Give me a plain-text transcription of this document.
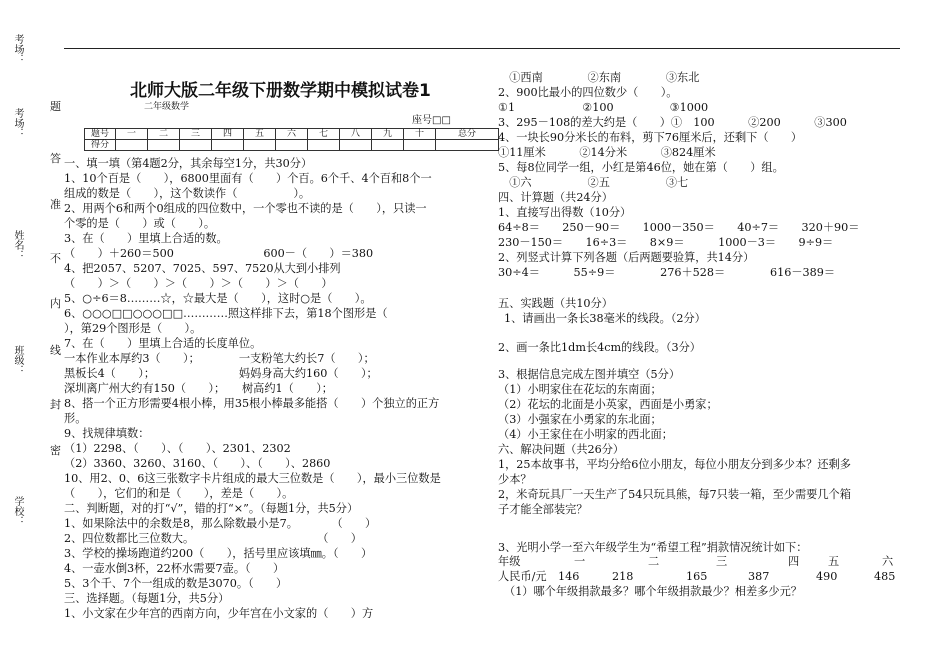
考场：
考场：
姓名：
班级：
学校：
题
答
准
不
内
线
封
密
北师大版二年级下册数学期中模拟试卷1
二年级数学
座号□□
题号	一	二	三	四	五	六	七	八	九	十	总分
得分											
一、填一填（第4题2分，其余每空1分，共30分）
1、10个百是（　　），6800里面有（　　）个百。6个千、4个百和8个一
组成的数是（　　），这个数读作（　　　　　）。
2、用两个6和两个0组成的四位数中，一个零也不读的是（　　），只读一
个零的是（　　）或（　　）。
3、在（　　）里填上合适的数。
（　　）＋260＝500　　　　　　　　600－（　　）＝380
4、把2057、5207、7025、597、7520从大到小排列
（　　）＞（　　）＞（　　）＞（　　）＞（　　）
5、○÷6＝8………☆，☆最大是（　　），这时○是（　　）。
6、○○○□□○○○□□…………照这样排下去，第18个图形是（
），第29个图形是（　　）。
7、在（　　）里填上合适的长度单位。
一本作业本厚约3（　　）；　　　　一支粉笔大约长7（　　）；
黑板长4（　　）；　　　　　　　　妈妈身高大约160（　　）；
深圳离广州大约有150（　　）；　　树高约1（　　）；
8、搭一个正方形需要4根小棒，用35根小棒最多能搭（　　）个独立的正方
形。
9、找规律填数：
（1）2298、（　　）、（　　）、2301、2302
（2）3360、3260、3160、（　　）、（　　）、2860
10、用2、0、6这三张数字卡片组成的最大三位数是（　　），最小三位数是
（　　），它们的和是（　　），差是（　　）。
二、判断题，对的打“√”，错的打“×”。（每题1分，共5分）
1、如果除法中的余数是8，那么除数最小是7。　　　　（　　）
2、四位数都比三位数大。　　　　　　　　　　　　（　　）
3、学校的操场跑道约200（　　），括号里应该填㎜。（　　）
4、一壶水倒3杯，22杯水需要7壶。（　　）
5、3个千、7个一组成的数是3070。（　　）
三、选择题。（每题1分，共5分）
1、小文家在少年宫的西南方向，少年宫在小文家的（　　）方
　①西南　　　　②东南　　　　③东北
2、900比最小的四位数少（　　）。
①1　　　　　　②100　　　　　③1000
3、295－108的差大约是（　　）①　100　　　②200　　　③300
4、一块长90分米长的布料，剪下76厘米后，还剩下（　　）
①11厘米　　　②14分米　　　③824厘米
5、每8位同学一组，小红是第46位，她在第（　　）组。
　①六　　　　　②五　　　　　③七
四、计算题（共24分）
1、直接写出得数（10分）
64÷8＝　　250－90＝　　1000－350＝　　40÷7＝　　320＋90＝
230－150＝　　16÷3＝　　8×9＝　　　1000－3＝　　9÷9＝
2、列竖式计算下列各题（后两题要验算，共14分）
30÷4＝　　　55÷9＝　　　　276＋528＝　　　　616－389＝
五、实践题（共10分）
1、请画出一条长38毫米的线段。（2分）
2、画一条比1dm长4cm的线段。（3分）
3、根据信息完成左图并填空（5分）
（1）小明家住在花坛的东南面；
（2）花坛的北面是小英家，西面是小勇家；
（3）小强家在小勇家的东北面；
（4）小王家住在小明家的西北面；
六、解决问题（共26分）
1，25本故事书，平均分给6位小朋友，每位小朋友分到多少本？还剩多
少本？
2，米奇玩具厂一天生产了54只玩具熊，每7只装一箱，至少需要几个箱
子才能全部装完？
3、光明小学一至六年级学生为“希望工程”捐款情况统计如下：
年级	一	二	三	四	五	六
人民币/元 146	218	165	387	490	485
（1）哪个年级捐款最多？哪个年级捐款最少？相差多少元？
